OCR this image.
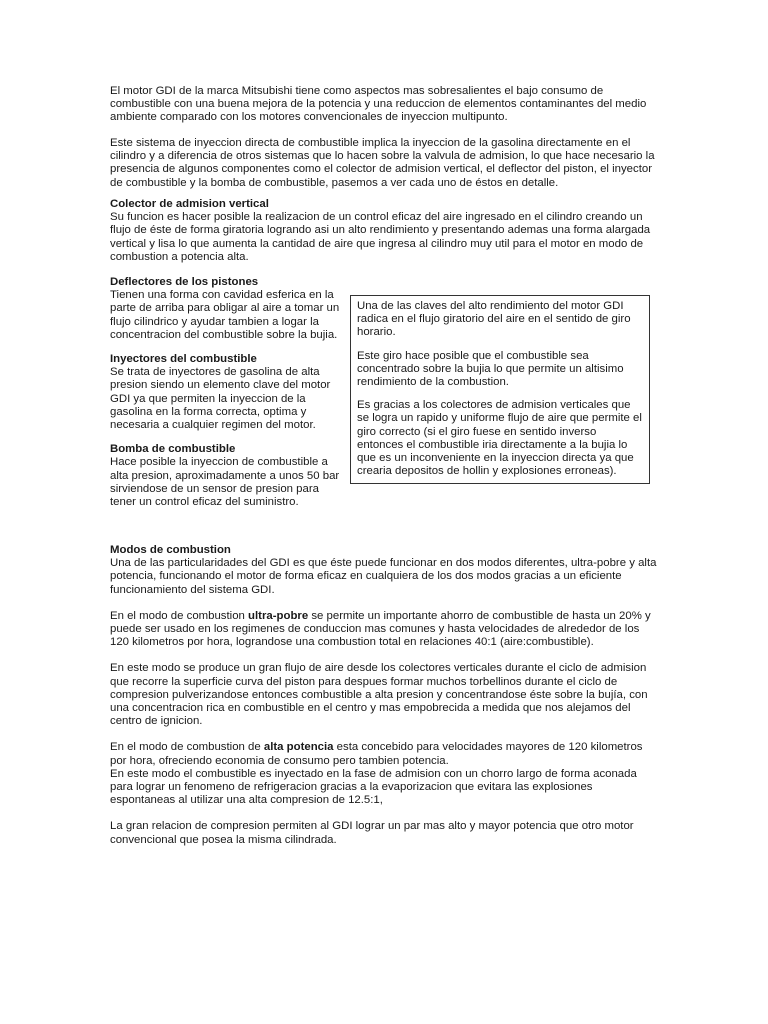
El motor GDI de la marca Mitsubishi tiene como aspectos mas sobresalientes el bajo consumo de combustible con una buena mejora de la potencia y una reduccion de elementos contaminantes del medio ambiente comparado con los motores convencionales de inyeccion multipunto.

Este sistema de inyeccion directa de combustible implica la inyeccion de la gasolina directamente en el cilindro y a diferencia de otros sistemas que lo hacen sobre la valvula de admision, lo que hace necesario la presencia de algunos componentes como el colector de admision vertical, el deflector del piston, el inyector de combustible y la bomba de combustible, pasemos a ver cada uno de éstos en detalle.

Colector de admision vertical
Su funcion es hacer posible la realizacion de un control eficaz del aire ingresado en el cilindro creando un flujo de éste de forma giratoria logrando asi un alto rendimiento y presentando ademas una forma alargada vertical y lisa lo que aumenta la cantidad de aire que ingresa al cilindro muy util para el motor en modo de combustion a potencia alta.
Deflectores de los pistones

Tienen una forma con cavidad esferica en la parte de arriba para obligar al aire a tomar un flujo cilindrico y ayudar tambien a logar la concentracion del combustible sobre la bujia.

Inyectores del combustible

Se trata de inyectores de gasolina de alta presion siendo un elemento clave del motor GDI ya que permiten la inyeccion de la gasolina en la forma correcta, optima y necesaria a cualquier regimen del motor.

Bomba de combustible

Hace posible la inyeccion de combustible a alta presion, aproximadamente a unos 50 bar sirviendose de un sensor de presion para tener un control eficaz del suministro.

Una de las claves del alto rendimiento del motor GDI radica en el flujo giratorio del aire en el sentido de giro horario.

Este giro hace posible que el combustible sea concentrado sobre la bujia lo que permite un altisimo rendimiento de la combustion.

Es gracias a los colectores de admision verticales que se logra un rapido y uniforme flujo de aire que permite el giro correcto (si el giro fuese en sentido inverso entonces el combustible iria directamente a la bujia lo que es un inconveniente en la inyeccion directa ya que crearia depositos de hollin y explosiones erroneas).

Modos de combustion

Una de las particularidades del GDI es que éste puede funcionar en dos modos diferentes, ultra-pobre y alta potencia, funcionando el motor de forma eficaz en cualquiera de los dos modos gracias a un eficiente funcionamiento del sistema GDI.

En el modo de combustion ultra-pobre se permite un importante ahorro de combustible de hasta un 20% y puede ser usado en los regimenes de conduccion mas comunes y hasta velocidades de alrededor de los 120 kilometros por hora, lograndose una combustion total en relaciones 40:1 (aire:combustible).

En este modo se produce un gran flujo de aire desde los colectores verticales durante el ciclo de admision que recorre la superficie curva del piston para despues formar muchos torbellinos durante el ciclo de compresion pulverizandose entonces combustible a alta presion y concentrandose éste sobre la bujía, con una concentracion rica en combustible en el centro y mas empobrecida a medida que nos alejamos del centro de ignicion.

En el modo de combustion de alta potencia esta concebido para velocidades mayores de 120 kilometros por hora, ofreciendo economia de consumo pero tambien potencia.

En este modo el combustible es inyectado en la fase de admision con un chorro largo de forma aconada para lograr un fenomeno de refrigeracion gracias a la evaporizacion que evitara las explosiones espontaneas al utilizar una alta compresion de 12.5:1,

La gran relacion de compresion permiten al GDI lograr un par mas alto y mayor potencia que otro motor convencional que posea la misma cilindrada.
